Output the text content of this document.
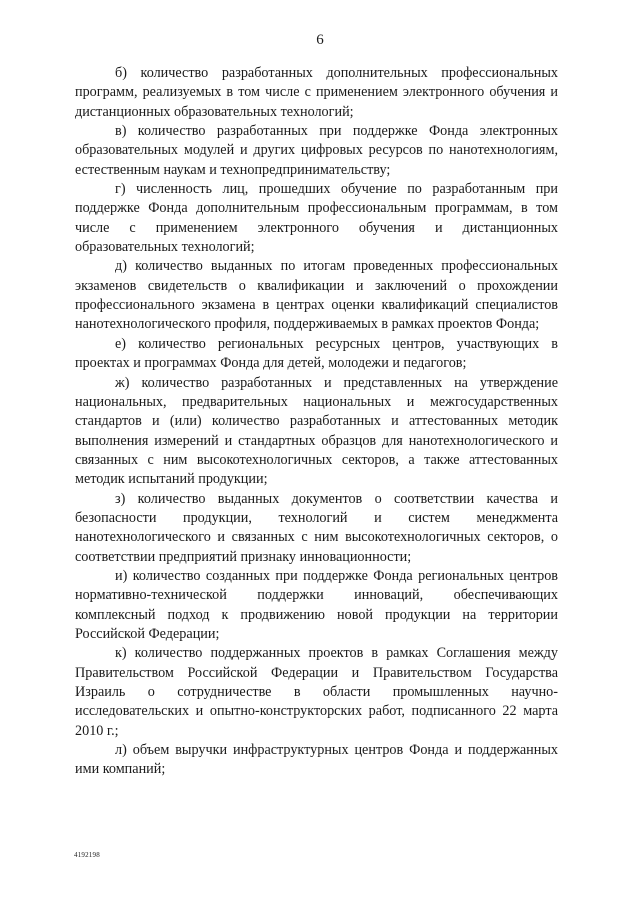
6

б) количество разработанных дополнительных профессиональных программ, реализуемых в том числе с применением электронного обучения и дистанционных образовательных технологий;

в) количество разработанных при поддержке Фонда электронных образовательных модулей и других цифровых ресурсов по нанотехнологиям, естественным наукам и технопредпринимательству;

г) численность лиц, прошедших обучение по разработанным при поддержке Фонда дополнительным профессиональным программам, в том числе с применением электронного обучения и дистанционных образовательных технологий;

д) количество выданных по итогам проведенных профессиональных экзаменов свидетельств о квалификации и заключений о прохождении профессионального экзамена в центрах оценки квалификаций специалистов нанотехнологического профиля, поддерживаемых в рамках проектов Фонда;

е) количество региональных ресурсных центров, участвующих в проектах и программах Фонда для детей, молодежи и педагогов;

ж) количество разработанных и представленных на утверждение национальных, предварительных национальных и межгосударственных стандартов и (или) количество разработанных и аттестованных методик выполнения измерений и стандартных образцов для нанотехнологического и связанных с ним высокотехнологичных секторов, а также аттестованных методик испытаний продукции;

з) количество выданных документов о соответствии качества и безопасности продукции, технологий и систем менеджмента нанотехнологического и связанных с ним высокотехнологичных секторов, о соответствии предприятий признаку инновационности;

и) количество созданных при поддержке Фонда региональных центров нормативно-технической поддержки инноваций, обеспечивающих комплексный подход к продвижению новой продукции на территории Российской Федерации;

к) количество поддержанных проектов в рамках Соглашения между Правительством Российской Федерации и Правительством Государства Израиль о сотрудничестве в области промышленных научно-исследовательских и опытно-конструкторских работ, подписанного 22 марта 2010 г.;

л) объем выручки инфраструктурных центров Фонда и поддержанных ими компаний;

4192198
